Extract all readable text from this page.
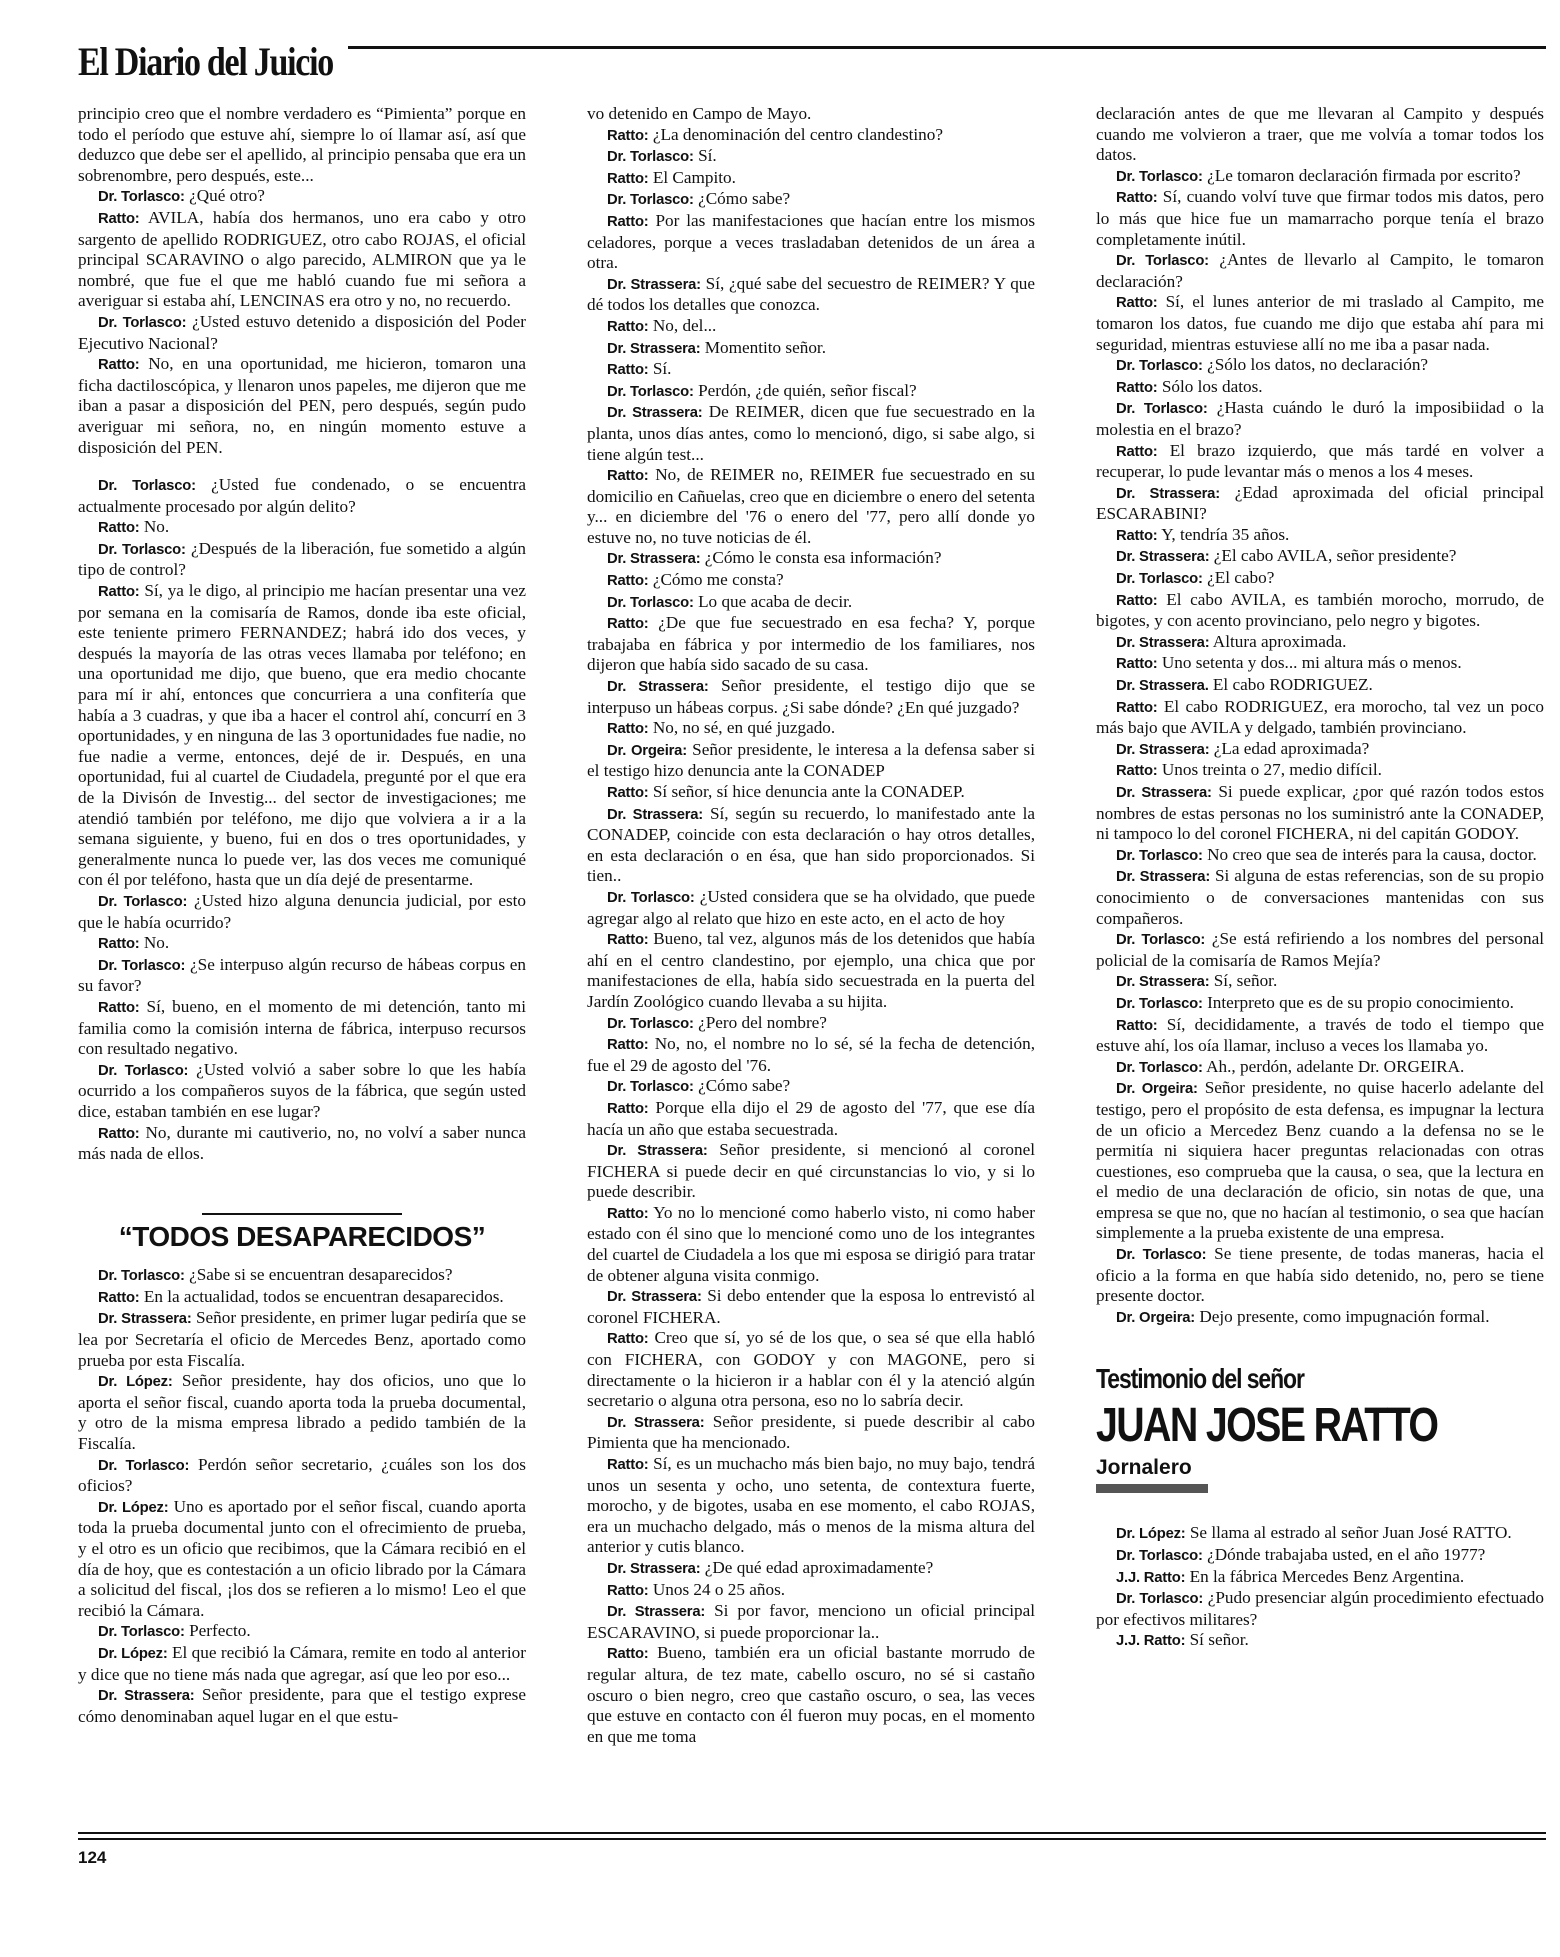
El Diario del Juicio

principio creo que el nombre verdadero es “Pimienta” porque en todo el período que estuve ahí, siempre lo oí llamar así, así que deduzco que debe ser el apellido, al principio pensaba que era un sobrenombre, pero después, este...

Dr. Torlasco: ¿Qué otro?

Ratto: AVILA, había dos hermanos, uno era cabo y otro sargento de apellido RODRIGUEZ, otro cabo ROJAS, el oficial principal SCARAVINO o algo parecido, ALMIRON que ya le nombré, que fue el que me habló cuando fue mi señora a averiguar si estaba ahí, LENCINAS era otro y no, no recuerdo.

Dr. Torlasco: ¿Usted estuvo detenido a disposición del Poder Ejecutivo Nacional?

Ratto: No, en una oportunidad, me hicieron, tomaron una ficha dactiloscópica, y llenaron unos papeles, me dijeron que me iban a pasar a disposición del PEN, pero después, según pudo averiguar mi señora, no, en ningún momento estuve a disposición del PEN.

Dr. Torlasco: ¿Usted fue condenado, o se encuentra actualmente procesado por algún delito?

Ratto: No.

Dr. Torlasco: ¿Después de la liberación, fue sometido a algún tipo de control?

Ratto: Sí, ya le digo, al principio me hacían presentar una vez por semana en la comisaría de Ramos, donde iba este oficial, este teniente primero FERNANDEZ; habrá ido dos veces, y después la mayoría de las otras veces llamaba por teléfono; en una oportunidad me dijo, que bueno, que era medio chocante para mí ir ahí, entonces que concurriera a una confitería que había a 3 cuadras, y que iba a hacer el control ahí, concurrí en 3 oportunidades, y en ninguna de las 3 oportunidades fue nadie, no fue nadie a verme, entonces, dejé de ir. Después, en una oportunidad, fui al cuartel de Ciudadela, pregunté por el que era de la Divisón de Investig... del sector de investigaciones; me atendió también por teléfono, me dijo que volviera a ir a la semana siguiente, y bueno, fui en dos o tres oportunidades, y generalmente nunca lo puede ver, las dos veces me comuniqué con él por teléfono, hasta que un día dejé de presentarme.

Dr. Torlasco: ¿Usted hizo alguna denuncia judicial, por esto que le había ocurrido?

Ratto: No.

Dr. Torlasco: ¿Se interpuso algún recurso de hábeas corpus en su favor?

Ratto: Sí, bueno, en el momento de mi detención, tanto mi familia como la comisión interna de fábrica, interpuso recursos con resultado negativo.

Dr. Torlasco: ¿Usted volvió a saber sobre lo que les había ocurrido a los compañeros suyos de la fábrica, que según usted dice, estaban también en ese lugar?

Ratto: No, durante mi cautiverio, no, no volví a saber nunca más nada de ellos.

“TODOS DESAPARECIDOS”

Dr. Torlasco: ¿Sabe si se encuentran desaparecidos?

Ratto: En la actualidad, todos se encuentran desaparecidos.

Dr. Strassera: Señor presidente, en primer lugar pediría que se lea por Secretaría el oficio de Mercedes Benz, aportado como prueba por esta Fiscalía.

Dr. López: Señor presidente, hay dos oficios, uno que lo aporta el señor fiscal, cuando aporta toda la prueba documental, y otro de la misma empresa librado a pedido también de la Fiscalía.

Dr. Torlasco: Perdón señor secretario, ¿cuáles son los dos oficios?

Dr. López: Uno es aportado por el señor fiscal, cuando aporta toda la prueba documental junto con el ofrecimiento de prueba, y el otro es un oficio que recibimos, que la Cámara recibió en el día de hoy, que es contestación a un oficio librado por la Cámara a solicitud del fiscal, ¡los dos se refieren a lo mismo! Leo el que recibió la Cámara.

Dr. Torlasco: Perfecto.

Dr. López: El que recibió la Cámara, remite en todo al anterior y dice que no tiene más nada que agregar, así que leo por eso...

Dr. Strassera: Señor presidente, para que el testigo exprese cómo denominaban aquel lugar en el que estu-

vo detenido en Campo de Mayo.

Ratto: ¿La denominación del centro clandestino?

Dr. Torlasco: Sí.

Ratto: El Campito.

Dr. Torlasco: ¿Cómo sabe?

Ratto: Por las manifestaciones que hacían entre los mismos celadores, porque a veces trasladaban detenidos de un área a otra.

Dr. Strassera: Sí, ¿qué sabe del secuestro de REIMER? Y que dé todos los detalles que conozca.

Ratto: No, del...

Dr. Strassera: Momentito señor.

Ratto: Sí.

Dr. Torlasco: Perdón, ¿de quién, señor fiscal?

Dr. Strassera: De REIMER, dicen que fue secuestrado en la planta, unos días antes, como lo mencionó, digo, si sabe algo, si tiene algún test...

Ratto: No, de REIMER no, REIMER fue secuestrado en su domicilio en Cañuelas, creo que en diciembre o enero del setenta y... en diciembre del '76 o enero del '77, pero allí donde yo estuve no, no tuve noticias de él.

Dr. Strassera: ¿Cómo le consta esa información?

Ratto: ¿Cómo me consta?

Dr. Torlasco: Lo que acaba de decir.

Ratto: ¿De que fue secuestrado en esa fecha? Y, porque trabajaba en fábrica y por intermedio de los familiares, nos dijeron que había sido sacado de su casa.

Dr. Strassera: Señor presidente, el testigo dijo que se interpuso un hábeas corpus. ¿Si sabe dónde? ¿En qué juzgado?

Ratto: No, no sé, en qué juzgado.

Dr. Orgeira: Señor presidente, le interesa a la defensa saber si el testigo hizo denuncia ante la CONADEP

Ratto: Sí señor, sí hice denuncia ante la CONADEP.

Dr. Strassera: Sí, según su recuerdo, lo manifestado ante la CONADEP, coincide con esta declaración o hay otros detalles, en esta declaración o en ésa, que han sido proporcionados. Si tien..

Dr. Torlasco: ¿Usted considera que se ha olvidado, que puede agregar algo al relato que hizo en este acto, en el acto de hoy

Ratto: Bueno, tal vez, algunos más de los detenidos que había ahí en el centro clandestino, por ejemplo, una chica que por manifestaciones de ella, había sido secuestrada en la puerta del Jardín Zoológico cuando llevaba a su hijita.

Dr. Torlasco: ¿Pero del nombre?

Ratto: No, no, el nombre no lo sé, sé la fecha de detención, fue el 29 de agosto del '76.

Dr. Torlasco: ¿Cómo sabe?

Ratto: Porque ella dijo el 29 de agosto del '77, que ese día hacía un año que estaba secuestrada.

Dr. Strassera: Señor presidente, si mencionó al coronel FICHERA si puede decir en qué circunstancias lo vio, y si lo puede describir.

Ratto: Yo no lo mencioné como haberlo visto, ni como haber estado con él sino que lo mencioné como uno de los integrantes del cuartel de Ciudadela a los que mi esposa se dirigió para tratar de obtener alguna visita conmigo.

Dr. Strassera: Si debo entender que la esposa lo entrevistó al coronel FICHERA.

Ratto: Creo que sí, yo sé de los que, o sea sé que ella habló con FICHERA, con GODOY y con MAGONE, pero si directamente o la hicieron ir a hablar con él y la atenció algún secretario o alguna otra persona, eso no lo sabría decir.

Dr. Strassera: Señor presidente, si puede describir al cabo Pimienta que ha mencionado.

Ratto: Sí, es un muchacho más bien bajo, no muy bajo, tendrá unos un sesenta y ocho, uno setenta, de contextura fuerte, morocho, y de bigotes, usaba en ese momento, el cabo ROJAS, era un muchacho delgado, más o menos de la misma altura del anterior y cutis blanco.

Dr. Strassera: ¿De qué edad aproximadamente?

Ratto: Unos 24 o 25 años.

Dr. Strassera: Si por favor, menciono un oficial principal ESCARAVINO, si puede proporcionar la..

Ratto: Bueno, también era un oficial bastante morrudo de regular altura, de tez mate, cabello oscuro, no sé si castaño oscuro o bien negro, creo que castaño oscuro, o sea, las veces que estuve en contacto con él fueron muy pocas, en el momento en que me toma

declaración antes de que me llevaran al Campito y después cuando me volvieron a traer, que me volvía a tomar todos los datos.

Dr. Torlasco: ¿Le tomaron declaración firmada por escrito?

Ratto: Sí, cuando volví tuve que firmar todos mis datos, pero lo más que hice fue un mamarracho porque tenía el brazo completamente inútil.

Dr. Torlasco: ¿Antes de llevarlo al Campito, le tomaron declaración?

Ratto: Sí, el lunes anterior de mi traslado al Campito, me tomaron los datos, fue cuando me dijo que estaba ahí para mi seguridad, mientras estuviese allí no me iba a pasar nada.

Dr. Torlasco: ¿Sólo los datos, no declaración?

Ratto: Sólo los datos.

Dr. Torlasco: ¿Hasta cuándo le duró la imposibiidad o la molestia en el brazo?

Ratto: El brazo izquierdo, que más tardé en volver a recuperar, lo pude levantar más o menos a los 4 meses.

Dr. Strassera: ¿Edad aproximada del oficial principal ESCARABINI?

Ratto: Y, tendría 35 años.

Dr. Strassera: ¿El cabo AVILA, señor presidente?

Dr. Torlasco: ¿El cabo?

Ratto: El cabo AVILA, es también morocho, morrudo, de bigotes, y con acento provinciano, pelo negro y bigotes.

Dr. Strassera: Altura aproximada.

Ratto: Uno setenta y dos... mi altura más o menos.

Dr. Strassera. El cabo RODRIGUEZ.

Ratto: El cabo RODRIGUEZ, era morocho, tal vez un poco más bajo que AVILA y delgado, también provinciano.

Dr. Strassera: ¿La edad aproximada?

Ratto: Unos treinta o 27, medio difícil.

Dr. Strassera: Si puede explicar, ¿por qué razón todos estos nombres de estas personas no los suministró ante la CONADEP, ni tampoco lo del coronel FICHERA, ni del capitán GODOY.

Dr. Torlasco: No creo que sea de interés para la causa, doctor.

Dr. Strassera: Si alguna de estas referencias, son de su propio conocimiento o de conversaciones mantenidas con sus compañeros.

Dr. Torlasco: ¿Se está refiriendo a los nombres del personal policial de la comisaría de Ramos Mejía?

Dr. Strassera: Sí, señor.

Dr. Torlasco: Interpreto que es de su propio conocimiento.

Ratto: Sí, decididamente, a través de todo el tiempo que estuve ahí, los oía llamar, incluso a veces los llamaba yo.

Dr. Torlasco: Ah., perdón, adelante Dr. ORGEIRA.

Dr. Orgeira: Señor presidente, no quise hacerlo adelante del testigo, pero el propósito de esta defensa, es impugnar la lectura de un oficio a Mercedez Benz cuando a la defensa no se le permitía ni siquiera hacer preguntas relacionadas con otras cuestiones, eso comprueba que la causa, o sea, que la lectura en el medio de una declaración de oficio, sin notas de que, una empresa se que no, que no hacían al testimonio, o sea que hacían simplemente a la prueba existente de una empresa.

Dr. Torlasco: Se tiene presente, de todas maneras, hacia el oficio a la forma en que había sido detenido, no, pero se tiene presente doctor.

Dr. Orgeira: Dejo presente, como impugnación formal.

Testimonio del señor
JUAN JOSE RATTO
Jornalero

Dr. López: Se llama al estrado al señor Juan José RATTO.

Dr. Torlasco: ¿Dónde trabajaba usted, en el año 1977?

J.J. Ratto: En la fábrica Mercedes Benz Argentina.

Dr. Torlasco: ¿Pudo presenciar algún procedimiento efectuado por efectivos militares?

J.J. Ratto: Sí señor.

124
